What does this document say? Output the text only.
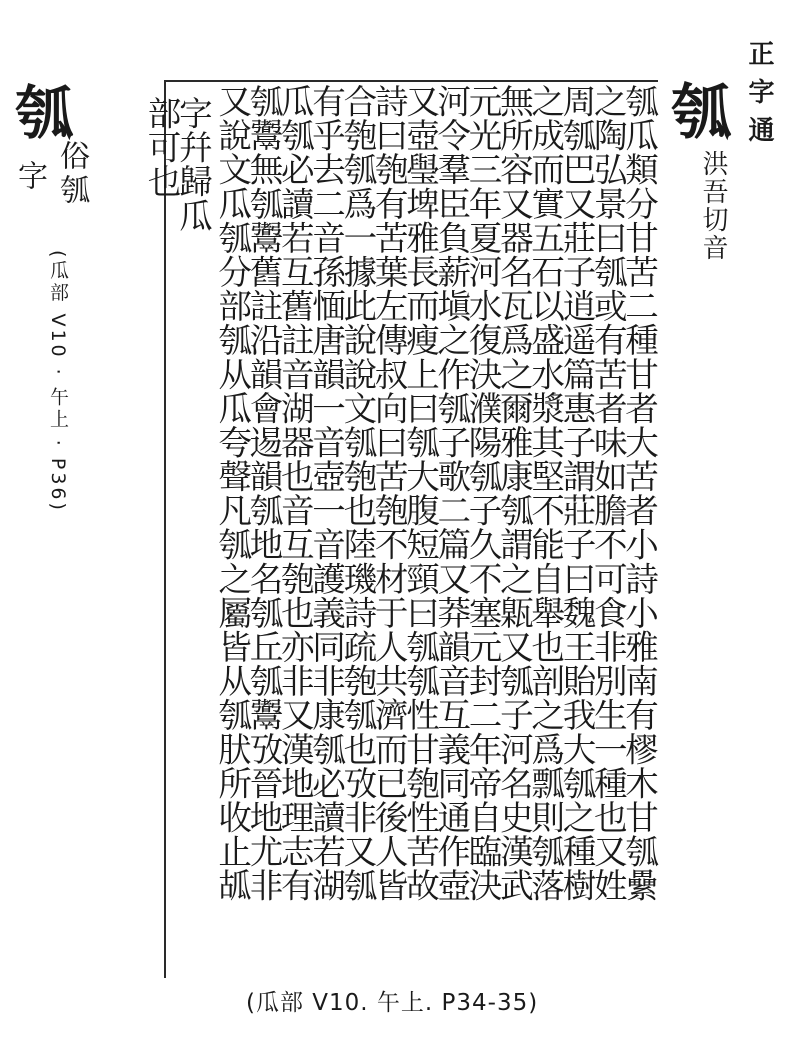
正字通
瓠
洪吾切音
瓠瓜類分甘苦二種甘者大苦者小詩小雅南有樛木甘瓠纍
之陶弘景曰瓠或有苦者味如膽不可食非別生一種也又姓
周瓠巴又莊子逍遥篇惠子謂莊子曰魏王貽我大瓠之種樹
之成而實五石以盛水漿其堅不能自舉也剖之爲瓢則瓠落
無所容又器名瓦爲之爾雅康瓠謂之甈又瓠子河名史漢武
元光三年夏河水復決濮陽瓠子久不塞元封二年帝自臨決
河令羣臣負薪塡之作瓠子歌二篇又莽韻音互義同通作壺
又壺㼂埤雅長而瘦上曰瓠大腹短頸曰瓠瓠性甘匏性苦故
詩曰匏有苦葉左傳叔向曰苦匏不材于人共濟而已後人皆
合匏瓠爲一據此說說文瓠匏也陸璣詩疏匏瓠也攷非又瓠
有乎去二音孫愐唐韻一音壺一音護義同非康瓠必讀若湖
瓜瓠必讀若互舊註音湖器也音互匏也亦非又漢地理志有
瓠䰞無瓠䰞舊註沿韻會逷韻瓠地名瓠丘瓠䰞攷晉地尤非
又說文瓜瓠分部瓠从瓜夸聲凡瓠之屬皆从瓠肰所收止㼋
字幷歸瓜
部可也
瓠
字 俗瓠
(瓜部 V10 · 午上 · P36)
(瓜部 V10. 午上. P34-35)
